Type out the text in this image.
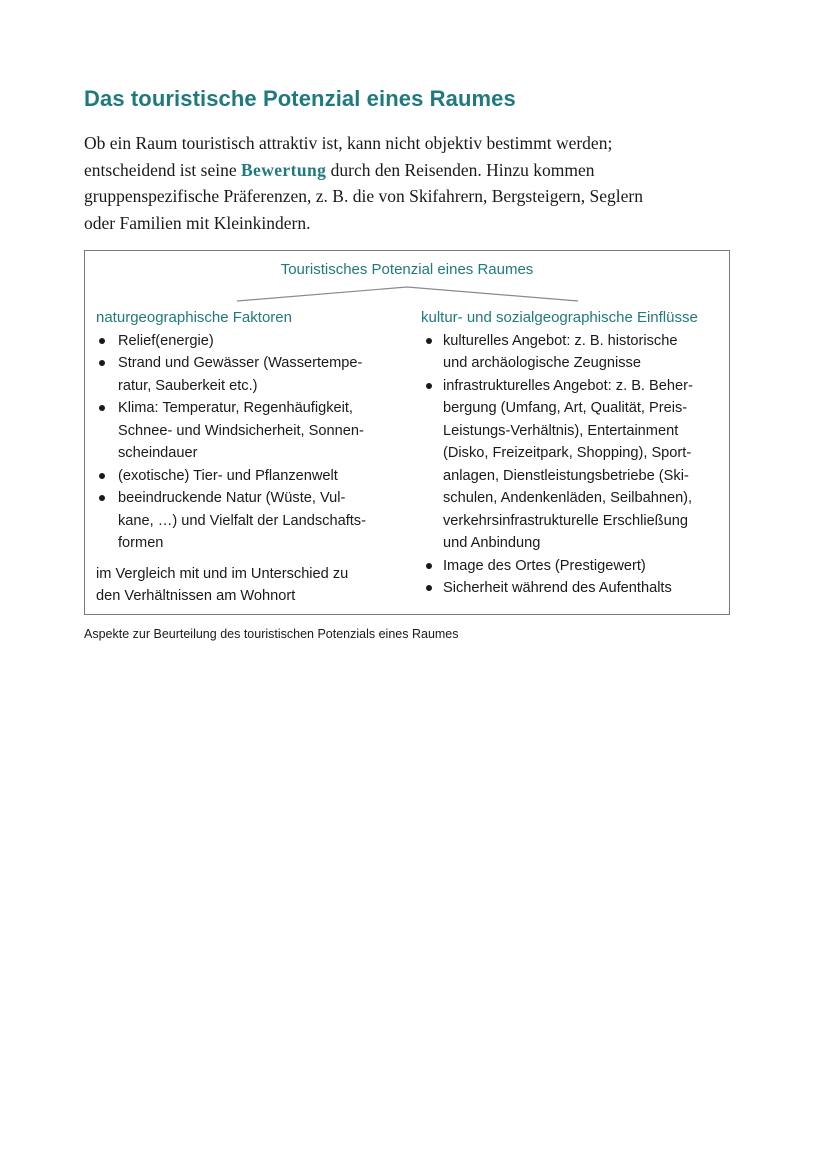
Das touristische Potenzial eines Raumes
Ob ein Raum touristisch attraktiv ist, kann nicht objektiv bestimmt werden;
entscheidend ist seine Bewertung durch den Reisenden. Hinzu kommen
gruppenspezifische Präferenzen, z. B. die von Skifahrern, Bergsteigern, Seglern
oder Familien mit Kleinkindern.
Touristisches Potenzial eines Raumes
naturgeographische Faktoren
Relief(energie)
Strand und Gewässer (Wassertempe-
ratur, Sauberkeit etc.)
Klima: Temperatur, Regenhäufigkeit,
Schnee- und Windsicherheit, Sonnen-
scheindauer
(exotische) Tier- und Pflanzenwelt
beeindruckende Natur (Wüste, Vul-
kane, …) und Vielfalt der Landschafts-
formen
im Vergleich mit und im Unterschied zu
den Verhältnissen am Wohnort
kultur- und sozialgeographische Einflüsse
kulturelles Angebot: z. B. historische
und archäologische Zeugnisse
infrastrukturelles Angebot: z. B. Beher-
bergung (Umfang, Art, Qualität, Preis-
Leistungs-Verhältnis), Entertainment
(Disko, Freizeitpark, Shopping), Sport-
anlagen, Dienstleistungsbetriebe (Ski-
schulen, Andenkenläden, Seilbahnen),
verkehrsinfrastrukturelle Erschließung
und Anbindung
Image des Ortes (Prestigewert)
Sicherheit während des Aufenthalts
Aspekte zur Beurteilung des touristischen Potenzials eines Raumes
